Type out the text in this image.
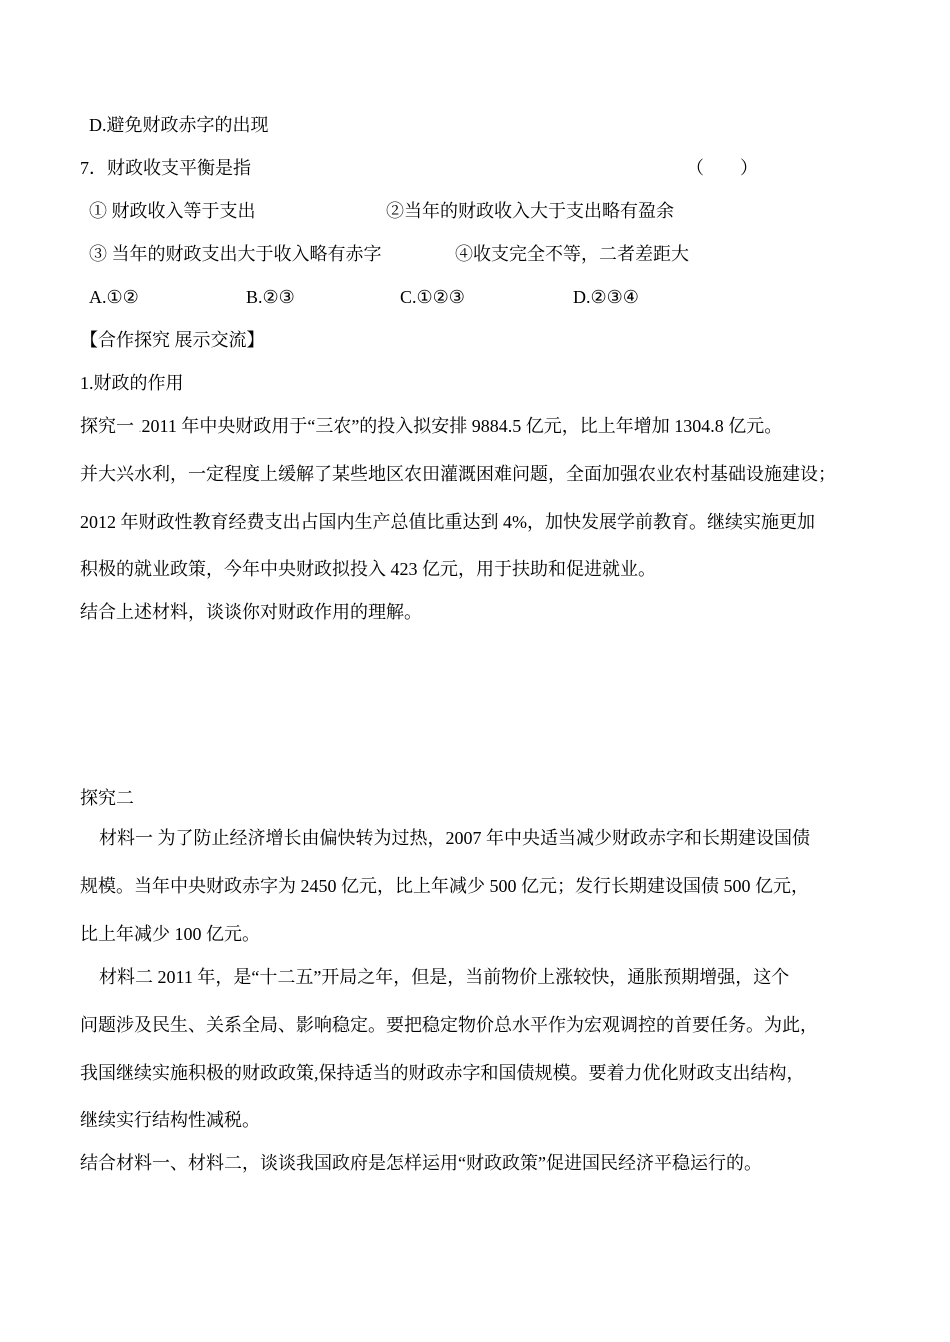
D.避免财政赤字的出现
7．财政收支平衡是指	（　　）
① 财政收入等于支出	②当年的财政收入大于支出略有盈余
③ 当年的财政支出大于收入略有赤字	④收支完全不等，二者差距大
A.①②	B.②③	C.①②③	D.②③④
【合作探究 展示交流】
1.财政的作用
探究一 .2011 年中央财政用于“三农”的投入拟安排 9884.5 亿元，比上年增加 1304.8 亿元。
并大兴水利，一定程度上缓解了某些地区农田灌溉困难问题，全面加强农业农村基础设施建设；
2012 年财政性教育经费支出占国内生产总值比重达到 4%，加快发展学前教育。继续实施更加
积极的就业政策，今年中央财政拟投入 423 亿元，用于扶助和促进就业。
结合上述材料，谈谈你对财政作用的理解。
探究二
材料一 为了防止经济增长由偏快转为过热，2007 年中央适当减少财政赤字和长期建设国债
规模。当年中央财政赤字为 2450 亿元，比上年减少 500 亿元；发行长期建设国债 500 亿元，
比上年减少 100 亿元。
材料二 2011 年，是“十二五”开局之年，但是，当前物价上涨较快，通胀预期增强，这个
问题涉及民生、关系全局、影响稳定。要把稳定物价总水平作为宏观调控的首要任务。为此，
我国继续实施积极的财政政策,保持适当的财政赤字和国债规模。要着力优化财政支出结构，
继续实行结构性减税。
结合材料一、材料二，谈谈我国政府是怎样运用“财政政策”促进国民经济平稳运行的。
